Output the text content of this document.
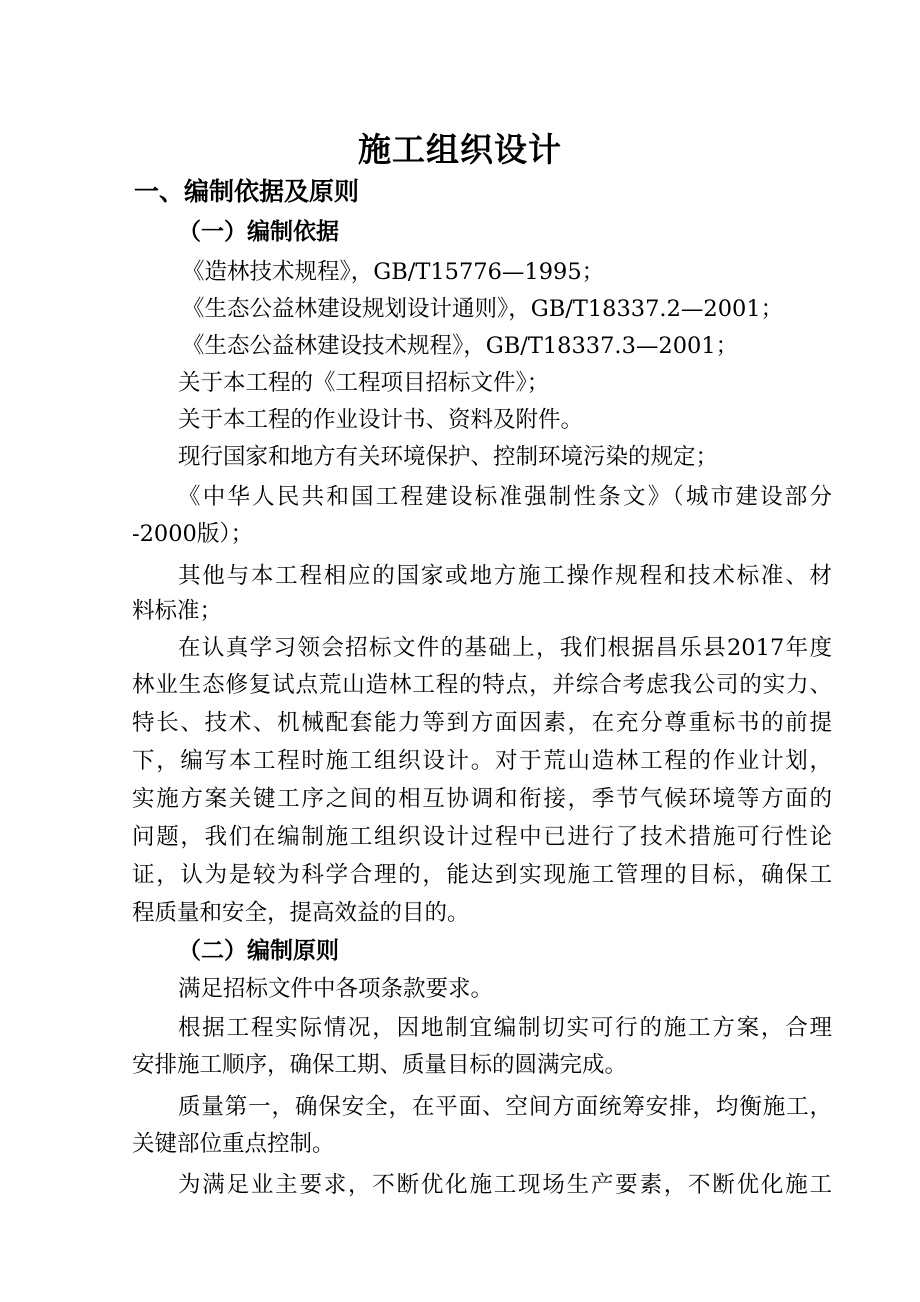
施工组织设计
一、编制依据及原则
（一）编制依据
《造林技术规程》，GB/T15776—1995；
《生态公益林建设规划设计通则》，GB/T18337.2—2001；
《生态公益林建设技术规程》，GB/T18337.3—2001；
关于本工程的《工程项目招标文件》；
关于本工程的作业设计书、资料及附件。
现行国家和地方有关环境保护、控制环境污染的规定；
《中华人民共和国工程建设标准强制性条文》（城市建设部分
-2000版）；
其他与本工程相应的国家或地方施工操作规程和技术标准、材
料标准；
在认真学习领会招标文件的基础上，我们根据昌乐县2017年度
林业生态修复试点荒山造林工程的特点，并综合考虑我公司的实力、
特长、技术、机械配套能力等到方面因素，在充分尊重标书的前提
下，编写本工程时施工组织设计。对于荒山造林工程的作业计划，
实施方案关键工序之间的相互协调和衔接，季节气候环境等方面的
问题，我们在编制施工组织设计过程中已进行了技术措施可行性论
证，认为是较为科学合理的，能达到实现施工管理的目标，确保工
程质量和安全，提高效益的目的。
（二）编制原则
满足招标文件中各项条款要求。
根据工程实际情况，因地制宜编制切实可行的施工方案，合理
安排施工顺序，确保工期、质量目标的圆满完成。
质量第一，确保安全，在平面、空间方面统筹安排，均衡施工，
关键部位重点控制。
为满足业主要求，不断优化施工现场生产要素，不断优化施工
